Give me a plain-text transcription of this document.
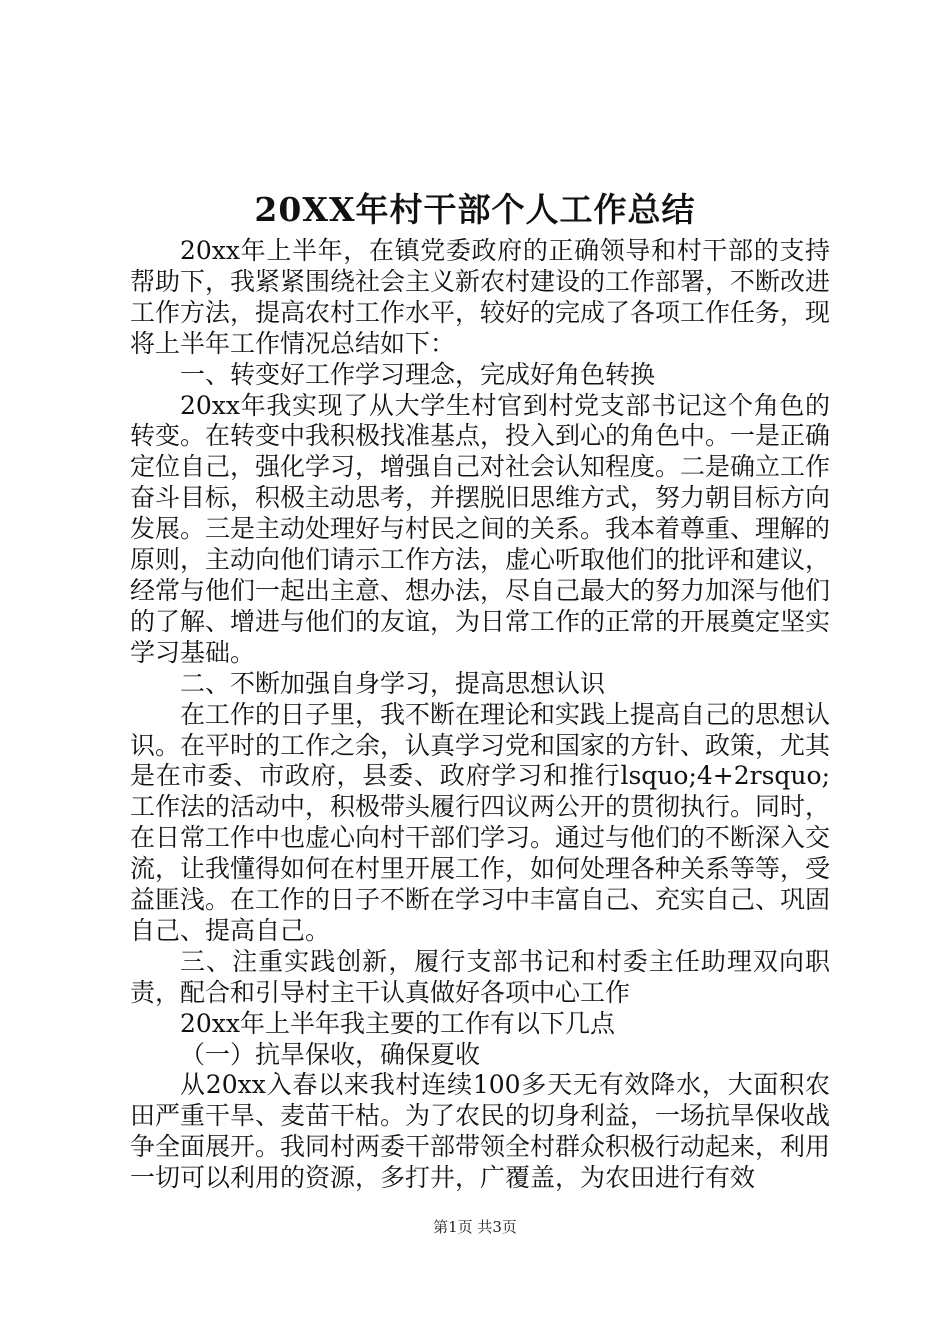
20XX年村干部个人工作总结

20xx年上半年，在镇党委政府的正确领导和村干部的支持帮助下，我紧紧围绕社会主义新农村建设的工作部署，不断改进工作方法，提高农村工作水平，较好的完成了各项工作任务，现将上半年工作情况总结如下：

一、转变好工作学习理念，完成好角色转换

20xx年我实现了从大学生村官到村党支部书记这个角色的转变。在转变中我积极找准基点，投入到心的角色中。一是正确定位自己，强化学习，增强自己对社会认知程度。二是确立工作奋斗目标，积极主动思考，并摆脱旧思维方式，努力朝目标方向发展。三是主动处理好与村民之间的关系。我本着尊重、理解的原则，主动向他们请示工作方法，虚心听取他们的批评和建议，经常与他们一起出主意、想办法，尽自己最大的努力加深与他们的了解、增进与他们的友谊，为日常工作的正常的开展奠定坚实学习基础。

二、不断加强自身学习，提高思想认识

在工作的日子里，我不断在理论和实践上提高自己的思想认识。在平时的工作之余，认真学习党和国家的方针、政策，尤其是在市委、市政府，县委、政府学习和推行lsquo;4+2rsquo;工作法的活动中，积极带头履行四议两公开的贯彻执行。同时，在日常工作中也虚心向村干部们学习。通过与他们的不断深入交流，让我懂得如何在村里开展工作，如何处理各种关系等等，受益匪浅。在工作的日子不断在学习中丰富自己、充实自己、巩固自己、提高自己。

三、注重实践创新，履行支部书记和村委主任助理双向职责，配合和引导村主干认真做好各项中心工作

20xx年上半年我主要的工作有以下几点

（一）抗旱保收，确保夏收

从20xx入春以来我村连续100多天无有效降水，大面积农田严重干旱、麦苗干枯。为了农民的切身利益，一场抗旱保收战争全面展开。我同村两委干部带领全村群众积极行动起来，利用一切可以利用的资源，多打井，广覆盖，为农田进行有效

第1页 共3页
